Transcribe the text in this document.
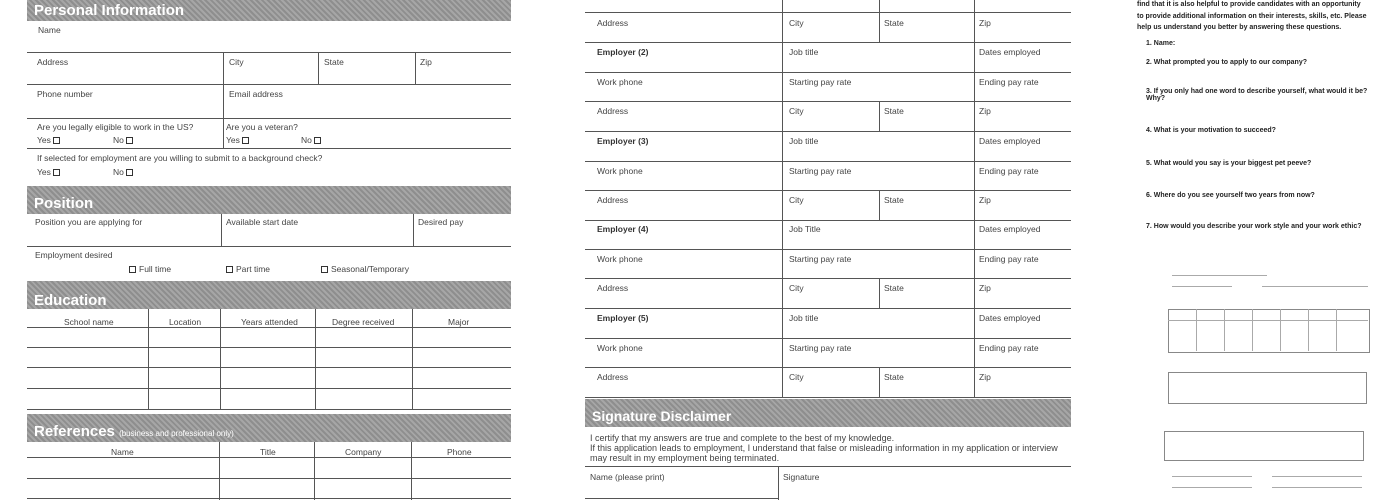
Personal Information
Name
Address	City	State	Zip
Phone number	Email address
Are you legally eligible to work in the US?
Yes	No
Are you a veteran?
Yes	No
If selected for employment are you willing to submit to a background check?
Yes	No
Position
Position you are applying for	Available start date	Desired pay
Employment desired
Full time	Part time	Seasonal/Temporary
Education
School name	Location	Years attended	Degree received	Major
References (business and professional only)
Name	Title	Company	Phone
Address	City	State	Zip
Employer (2)	Job title	Dates employed
Work phone	Starting pay rate	Ending pay rate
Address	City	State	Zip
Employer (3)	Job title	Dates employed
Work phone	Starting pay rate	Ending pay rate
Address	City	State	Zip
Employer (4)	Job Title	Dates employed
Work phone	Starting pay rate	Ending pay rate
Address	City	State	Zip
Employer (5)	Job title	Dates employed
Work phone	Starting pay rate	Ending pay rate
Address	City	State	Zip
Signature Disclaimer
I certify that my answers are true and complete to the best of my knowledge.
If this application leads to employment, I understand that false or misleading information in my application or interview
may result in my employment being terminated.
Name (please print)	Signature
find that it is also helpful to provide candidates with an opportunity
to provide additional information on their interests, skills, etc. Please
help us understand you better by answering these questions.
1. Name:
2. What prompted you to apply to our company?
3. If you only had one word to describe yourself, what would it be? Why?
4. What is your motivation to succeed?
5. What would you say is your biggest pet peeve?
6. Where do you see yourself two years from now?
7. How would you describe your work style and your work ethic?
